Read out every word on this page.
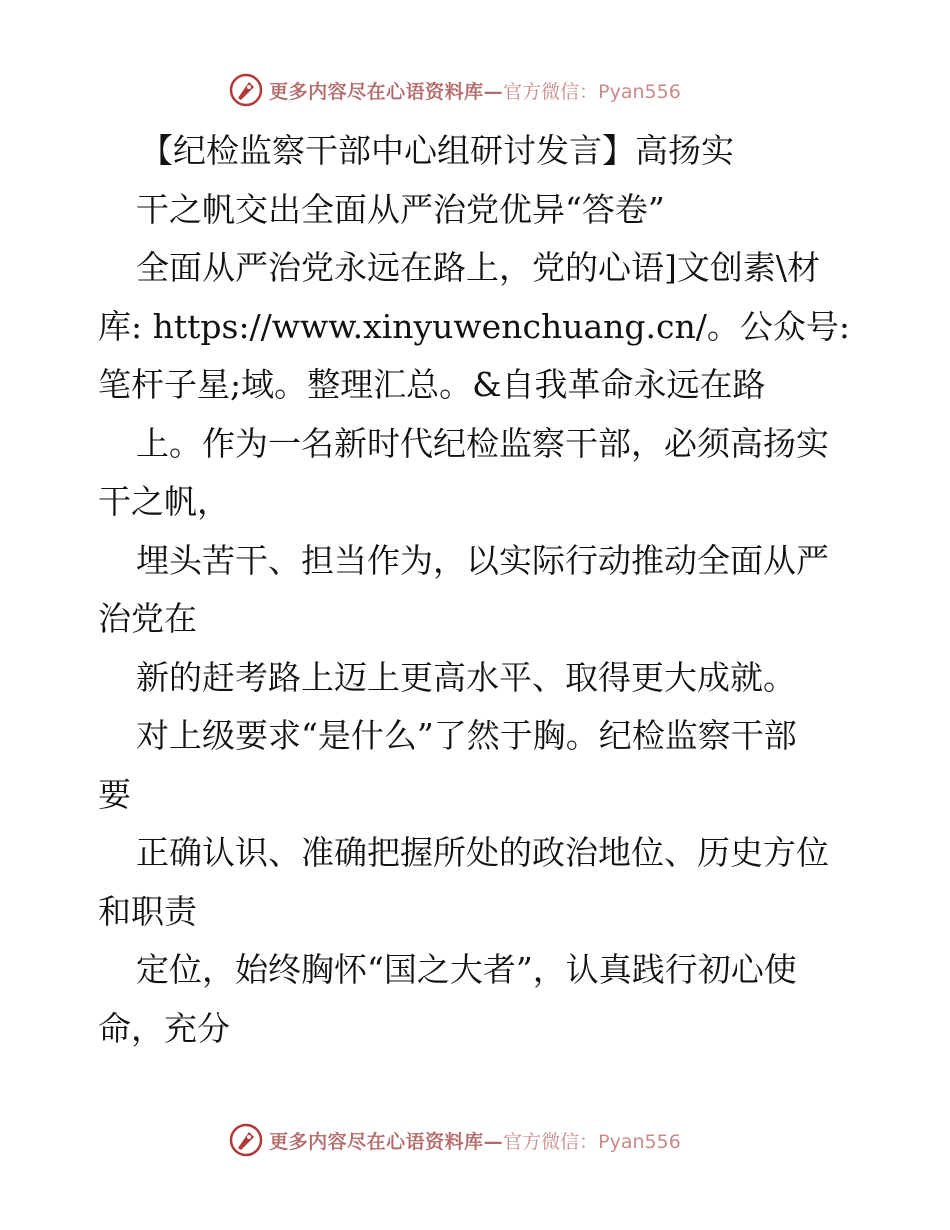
更多内容尽在心语资料库— 官方微信：Pyan556
【纪检监察干部中心组研讨发言】高扬实
干之帆交出全面从严治党优异“答卷”
全面从严治党永远在路上，党的心语]文创素\材
库: https://www.xinyuwenchuang.cn/。公众号:
笔杆子星;域。整理汇总。&自我革命永远在路
上。作为一名新时代纪检监察干部，必须高扬实
干之帆，
埋头苦干、担当作为，以实际行动推动全面从严
治党在
新的赶考路上迈上更高水平、取得更大成就。
对上级要求“是什么”了然于胸。纪检监察干部
要
正确认识、准确把握所处的政治地位、历史方位
和职责
定位，始终胸怀“国之大者”，认真践行初心使
命，充分
更多内容尽在心语资料库— 官方微信：Pyan556
